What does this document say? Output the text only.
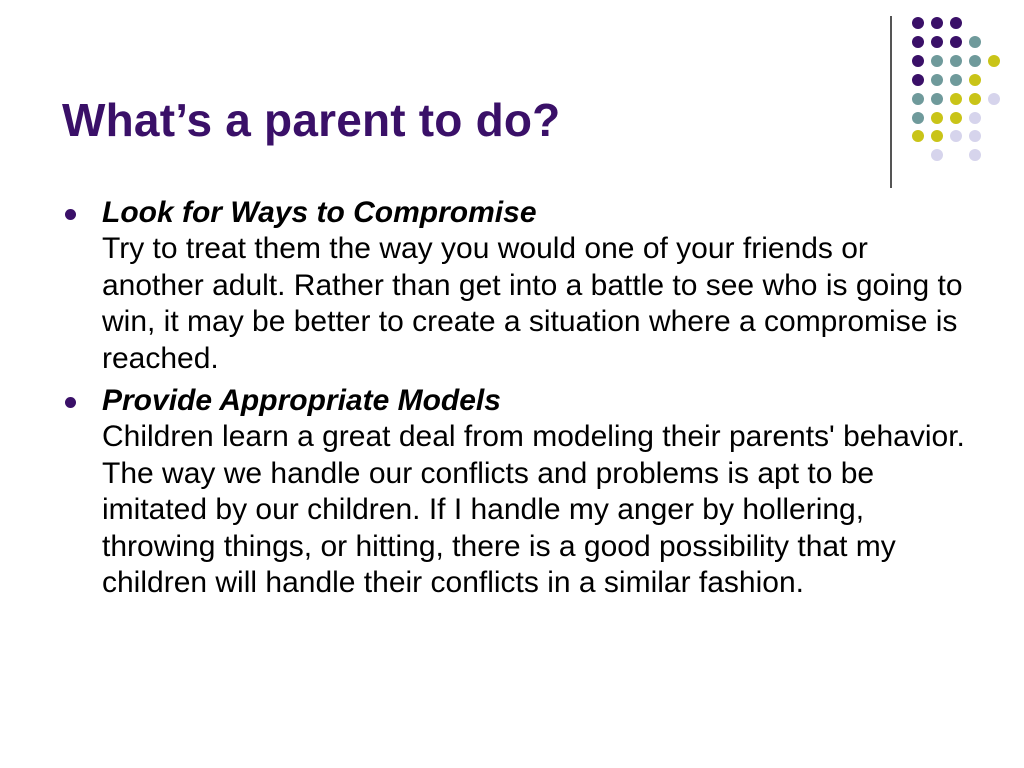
What’s a parent to do?
Look for Ways to Compromise
Try to treat them the way you would one of your friends or another adult. Rather than get into a battle to see who is going to win, it may be better to create a situation where a compromise is reached.
Provide Appropriate Models
Children learn a great deal from modeling their parents' behavior. The way we handle our conflicts and problems is apt to be imitated by our children. If I handle my anger by hollering, throwing things, or hitting, there is a good possibility that my children will handle their conflicts in a similar fashion.
